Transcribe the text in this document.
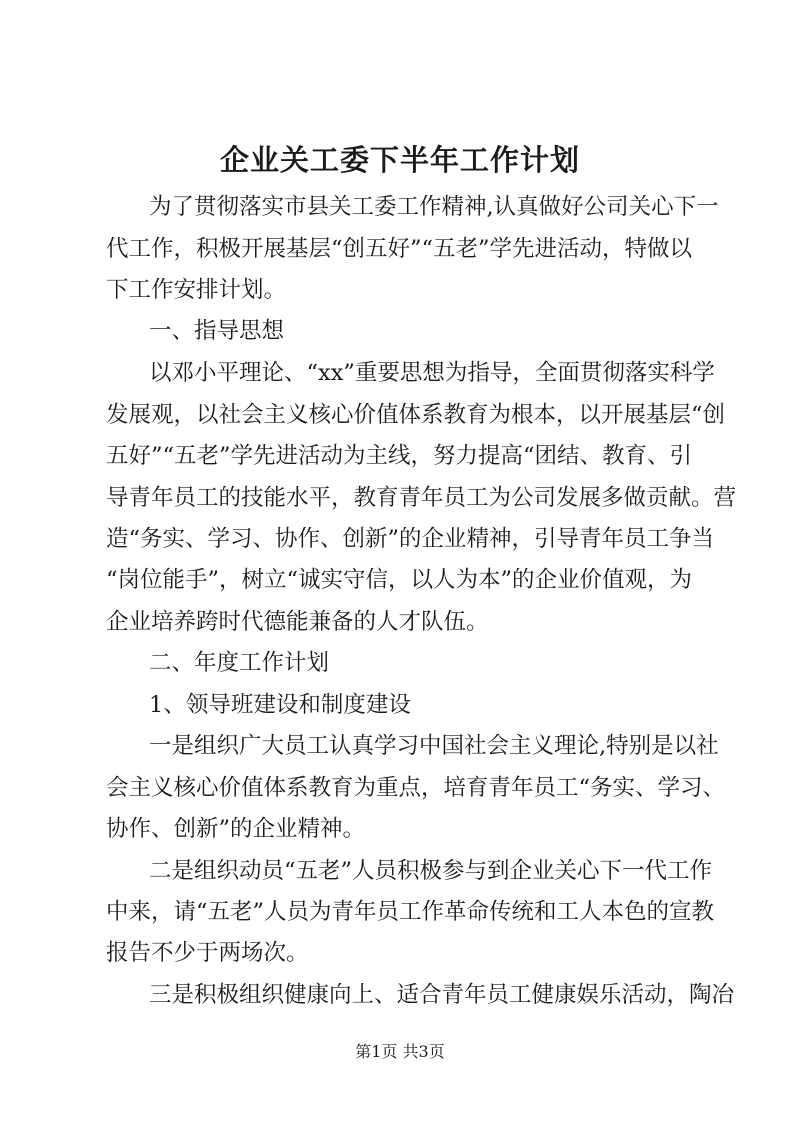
企业关工委下半年工作计划

为了贯彻落实市县关工委工作精神,认真做好公司关心下一

代工作，积极开展基层“创五好”“五老”学先进活动，特做以

下工作安排计划。

一、指导思想

以邓小平理论、“xx”重要思想为指导，全面贯彻落实科学

发展观，以社会主义核心价值体系教育为根本，以开展基层“创

五好”“五老”学先进活动为主线，努力提高“团结、教育、引

导青年员工的技能水平，教育青年员工为公司发展多做贡献。营

造“务实、学习、协作、创新”的企业精神，引导青年员工争当

“岗位能手”，树立“诚实守信，以人为本”的企业价值观，为

企业培养跨时代德能兼备的人才队伍。

二、年度工作计划

1、领导班建设和制度建设

一是组织广大员工认真学习中国社会主义理论,特别是以社

会主义核心价值体系教育为重点，培育青年员工“务实、学习、

协作、创新”的企业精神。

二是组织动员“五老”人员积极参与到企业关心下一代工作

中来，请“五老”人员为青年员工作革命传统和工人本色的宣教

报告不少于两场次。

三是积极组织健康向上、适合青年员工健康娱乐活动，陶冶

第1页 共3页
